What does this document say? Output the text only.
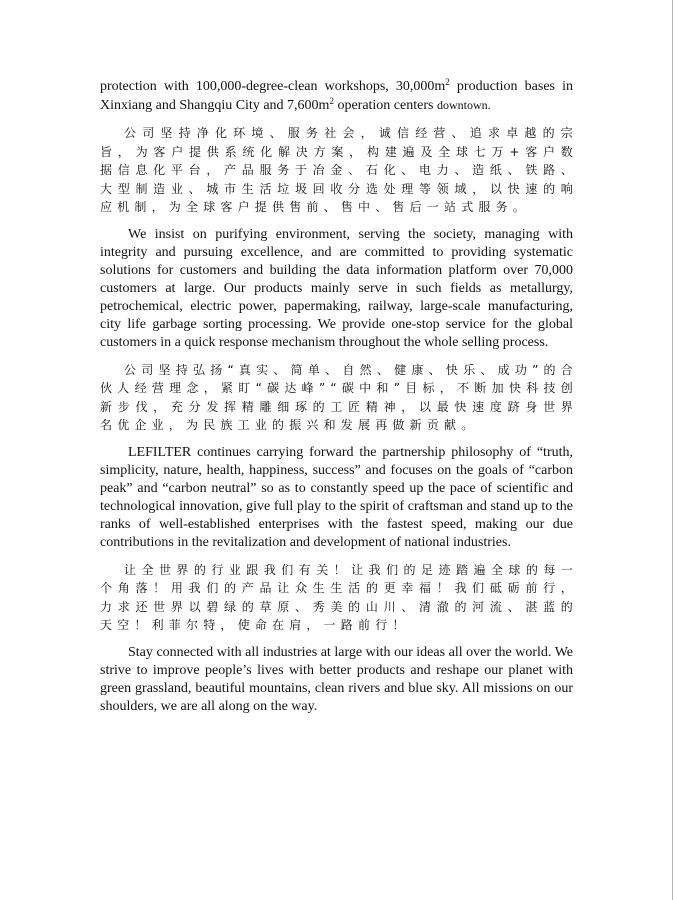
protection with 100,000-degree-clean workshops, $30,000m^2$ production bases in Xinxiang and Shangqiu City and $7,600m^2$ operation centers downtown.

公司坚持净化环境、服务社会，诚信经营、追求卓越的宗旨，为客户提供系统化解决方案，构建遍及全球七万+客户数据信息化平台，产品服务于冶金、石化、电力、造纸、铁路、大型制造业、城市生活垃圾回收分选处理等领域，以快速的响应机制，为全球客户提供售前、售中、售后一站式服务。

We insist on purifying environment, serving the society, managing with integrity and pursuing excellence, and are committed to providing systematic solutions for customers and building the data information platform over 70,000 customers at large. Our products mainly serve in such fields as metallurgy, petrochemical, electric power, papermaking, railway, large-scale manufacturing, city life garbage sorting processing. We provide one-stop service for the global customers in a quick response mechanism throughout the whole selling process.

公司坚持弘扬“真实、简单、自然、健康、快乐、成功”的合伙人经营理念，紧盯“碳达峰”“碳中和”目标，不断加快科技创新步伐，充分发挥精雕细琢的工匠精神，以最快速度跻身世界名优企业，为民族工业的振兴和发展再做新贡献。

LEFILTER continues carrying forward the partnership philosophy of “truth, simplicity, nature, health, happiness, success” and focuses on the goals of “carbon peak” and “carbon neutral” so as to constantly speed up the pace of scientific and technological innovation, give full play to the spirit of craftsman and stand up to the ranks of well-established enterprises with the fastest speed, making our due contributions in the revitalization and development of national industries.

让全世界的行业跟我们有关！让我们的足迹踏遍全球的每一个角落！用我们的产品让众生生活的更幸福！我们砥砺前行，力求还世界以碧绿的草原、秀美的山川、清澈的河流、湛蓝的天空！利菲尔特，使命在肩，一路前行！

Stay connected with all industries at large with our ideas all over the world. We strive to improve people’s lives with better products and reshape our planet with green grassland, beautiful mountains, clean rivers and blue sky. All missions on our shoulders, we are all along on the way.
